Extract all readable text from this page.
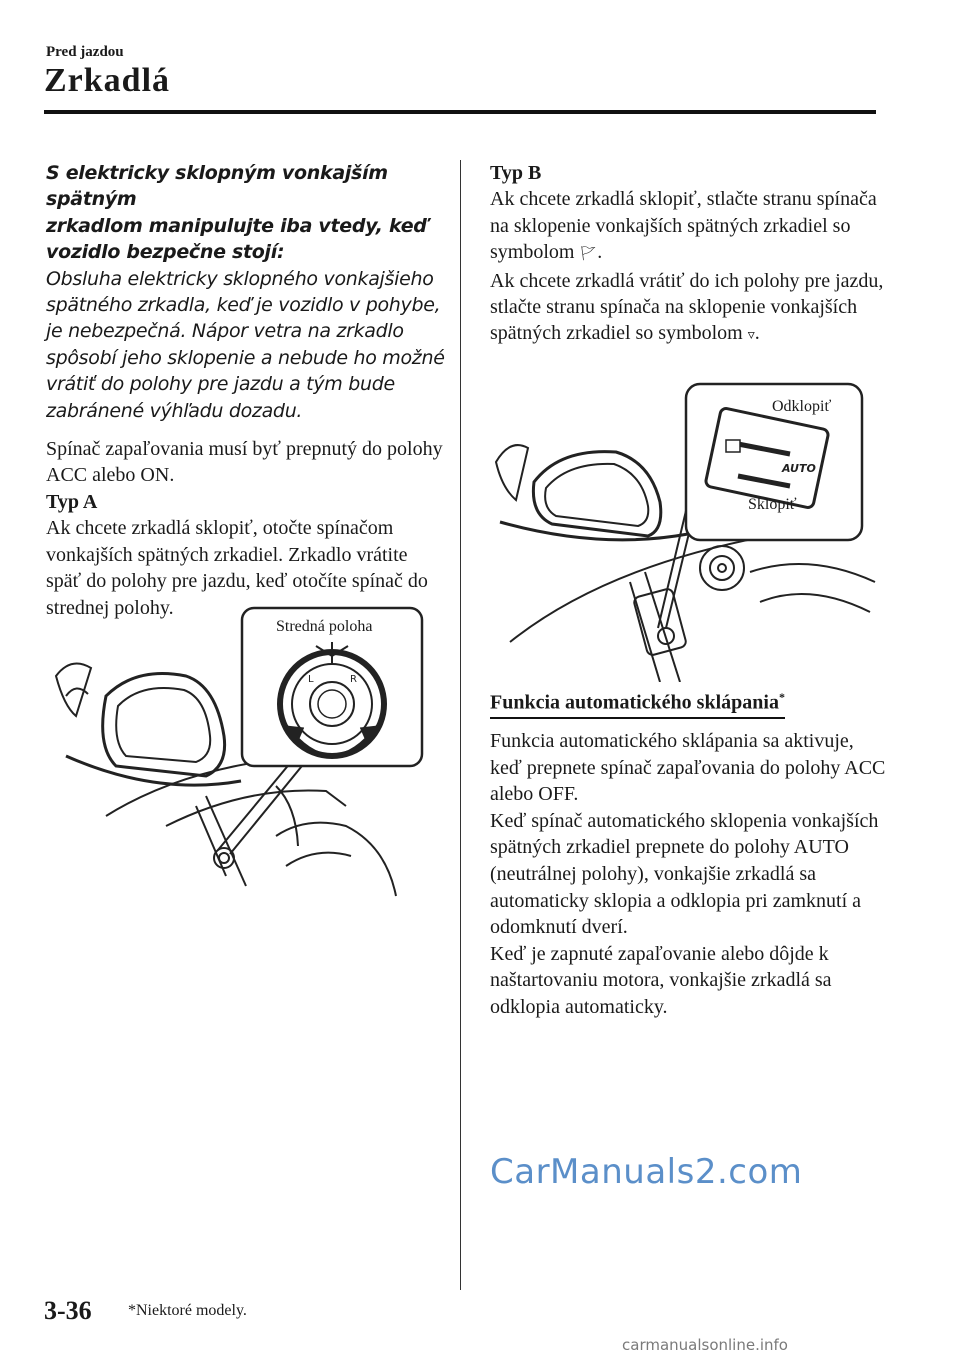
Pred jazdou
Zrkadlá
S elektricky sklopným vonkajším spätným
zrkadlom manipulujte iba vtedy, keď
vozidlo bezpečne stojí:
Obsluha elektricky sklopného vonkajšieho
spätného zrkadla, keď je vozidlo v pohybe,
je nebezpečná. Nápor vetra na zrkadlo
spôsobí jeho sklopenie a nebude ho možné
vrátiť do polohy pre jazdu a tým bude
zabránené výhľadu dozadu.

Spínač zapaľovania musí byť prepnutý do polohy ACC alebo ON.

Typ A

Ak chcete zrkadlá sklopiť, otočte spínačom vonkajších spätných zrkadiel. Zrkadlo vrátite späť do polohy pre jazdu, keď otočíte spínač do strednej polohy.

L	R
Stredná poloha

Typ B

Ak chcete zrkadlá sklopiť, stlačte stranu spínača na sklopenie vonkajších spätných zrkadiel so symbolom 🚩︎.

Ak chcete zrkadlá vrátiť do ich polohy pre jazdu, stlačte stranu spínača na sklopenie vonkajších spätných zrkadiel so symbolom ▿.

AUTO
Odklopiť
Sklopiť
Funkcia automatického sklápania*

Funkcia automatického sklápania sa aktivuje, keď prepnete spínač zapaľovania do polohy ACC alebo OFF.

Keď spínač automatického sklopenia vonkajších spätných zrkadiel prepnete do polohy AUTO (neutrálnej polohy), vonkajšie zrkadlá sa automaticky sklopia a odklopia pri zamknutí a odomknutí dverí.

Keď je zapnuté zapaľovanie alebo dôjde k naštartovaniu motora, vonkajšie zrkadlá sa odklopia automaticky.

CarManuals2.com
3-36 *Niektoré modely.
carmanualsonline.info
